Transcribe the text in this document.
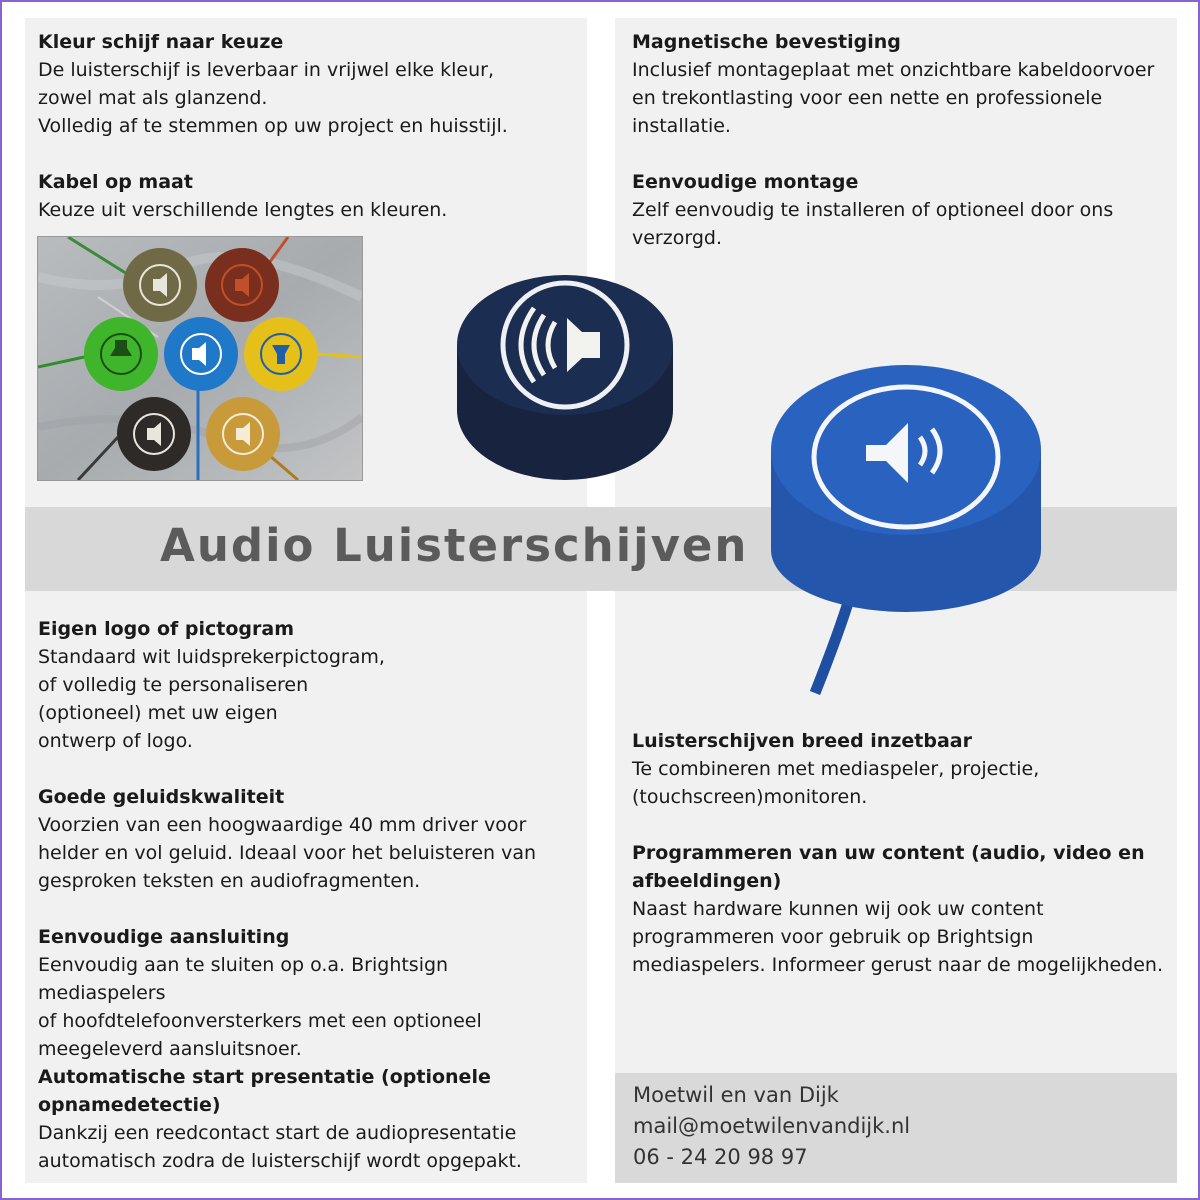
Kleur schijf naar keuze

De luisterschijf is leverbaar in vrijwel elke kleur,
zowel mat als glanzend.
Volledig af te stemmen op uw project en huisstijl.

Kabel op maat

Keuze uit verschillende lengtes en kleuren.

Magnetische bevestiging

Inclusief montageplaat met onzichtbare kabeldoorvoer
en trekontlasting voor een nette en professionele
installatie.

Eenvoudige montage

Zelf eenvoudig te installeren of optioneel door ons
verzorgd.

Audio Luisterschijven
Eigen logo of pictogram

Standaard wit luidsprekerpictogram,
of volledig te personaliseren
(optioneel) met uw eigen
ontwerp of logo.

Goede geluidskwaliteit

Voorzien van een hoogwaardige 40 mm driver voor
helder en vol geluid. Ideaal voor het beluisteren van
gesproken teksten en audiofragmenten.

Eenvoudige aansluiting

Eenvoudig aan te sluiten op o.a. Brightsign mediaspelers
of hoofdtelefoonversterkers met een optioneel
meegeleverd aansluitsnoer.

Automatische start presentatie (optionele
opnamedetectie)

Dankzij een reedcontact start de audiopresentatie
automatisch zodra de luisterschijf wordt opgepakt.

Luisterschijven breed inzetbaar

Te combineren met mediaspeler, projectie,
(touchscreen)monitoren.

Programmeren van uw content (audio, video en
afbeeldingen)

Naast hardware kunnen wij ook uw content
programmeren voor gebruik op Brightsign
mediaspelers. Informeer gerust naar de mogelijkheden.

Moetwil en van Dijk
mail@moetwilenvandijk.nl
06 - 24 20 98 97
